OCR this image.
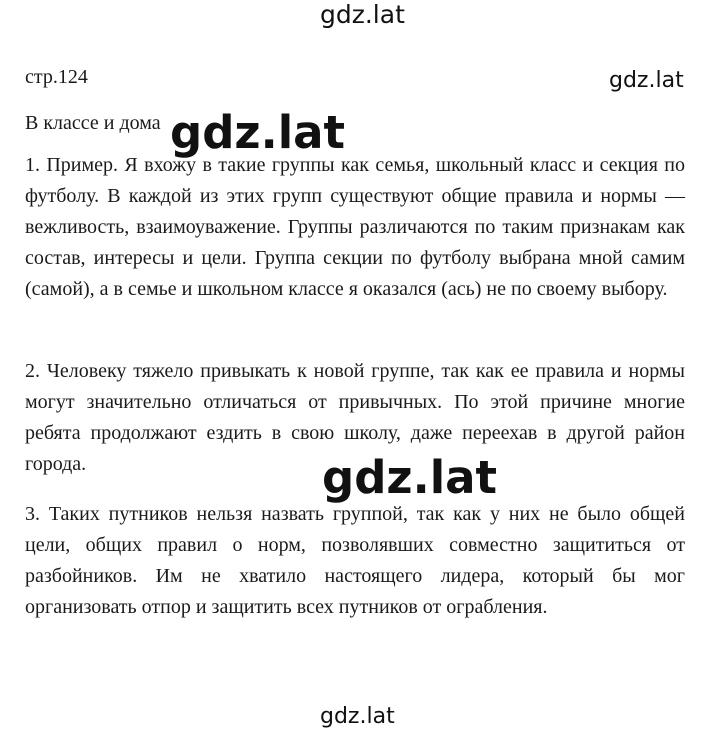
gdz.lat
gdz.lat
стр.124
В классе и дома
1. Пример. Я вхожу в такие группы как семья, школьный класс и секция по футболу. В каждой из этих групп существуют общие правила и нормы — вежливость, взаимоуважение. Группы различаются по таким признакам как состав, интересы и цели. Группа секции по футболу выбрана мной самим (самой), а в семье и школьном классе я оказался (ась) не по своему выбору.
2. Человеку тяжело привыкать к новой группе, так как ее правила и нормы могут значительно отличаться от привычных. По этой причине многие ребята продолжают ездить в свою школу, даже переехав в другой район города.
3. Таких путников нельзя назвать группой, так как у них не было общей цели, общих правил о норм, позволявших совместно защититься от разбойников. Им не хватило настоящего лидера, который бы мог организовать отпор и защитить всех путников от ограбления.
gdz.lat
gdz.lat
gdz.lat
